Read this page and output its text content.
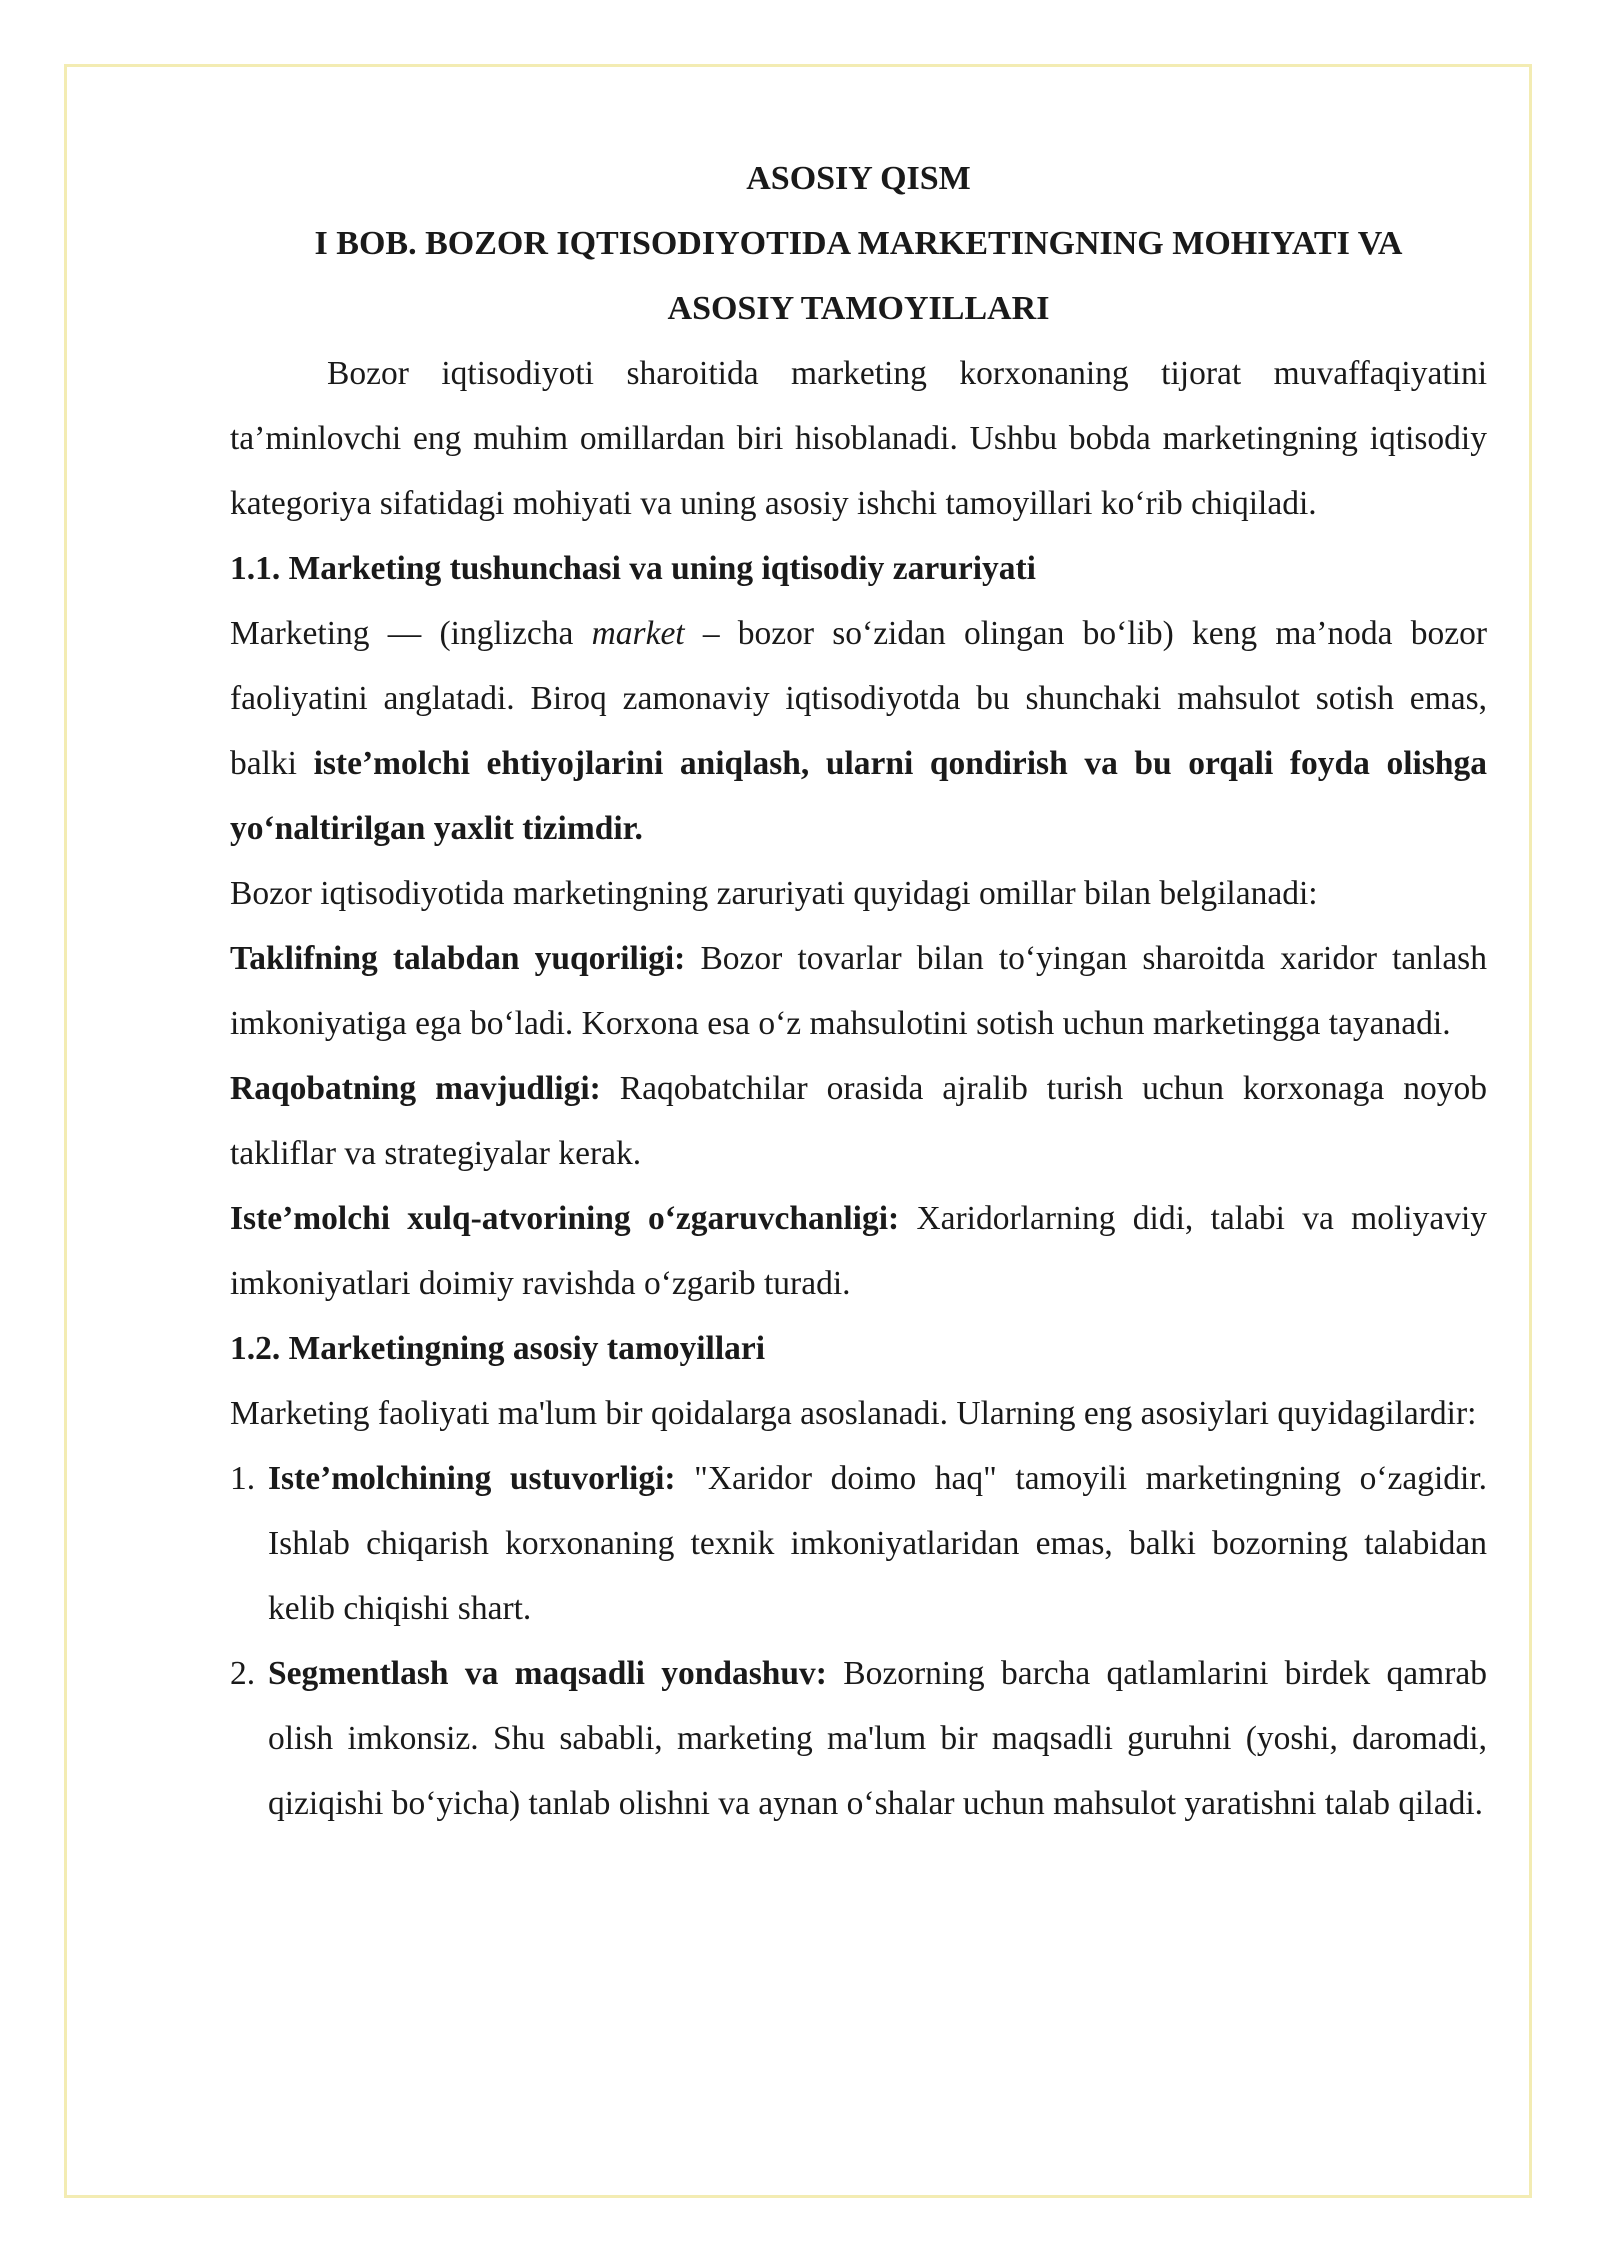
ASOSIY QISM

I BOB. BOZOR IQTISODIYOTIDA MARKETINGNING MOHIYATI VA

ASOSIY TAMOYILLARI

Bozor iqtisodiyoti sharoitida marketing korxonaning tijorat muvaffaqiyatini ta’minlovchi eng muhim omillardan biri hisoblanadi. Ushbu bobda marketingning iqtisodiy kategoriya sifatidagi mohiyati va uning asosiy ishchi tamoyillari ko‘rib chiqiladi.

1.1. Marketing tushunchasi va uning iqtisodiy zaruriyati

Marketing — (inglizcha market – bozor so‘zidan olingan bo‘lib) keng ma’noda bozor faoliyatini anglatadi. Biroq zamonaviy iqtisodiyotda bu shunchaki mahsulot sotish emas, balki iste’molchi ehtiyojlarini aniqlash, ularni qondirish va bu orqali foyda olishga yo‘naltirilgan yaxlit tizimdir.

Bozor iqtisodiyotida marketingning zaruriyati quyidagi omillar bilan belgilanadi:

Taklifning talabdan yuqoriligi: Bozor tovarlar bilan to‘yingan sharoitda xaridor tanlash imkoniyatiga ega bo‘ladi. Korxona esa o‘z mahsulotini sotish uchun marketingga tayanadi.

Raqobatning mavjudligi: Raqobatchilar orasida ajralib turish uchun korxonaga noyob takliflar va strategiyalar kerak.

Iste’molchi xulq-atvorining o‘zgaruvchanligi: Xaridorlarning didi, talabi va moliyaviy imkoniyatlari doimiy ravishda o‘zgarib turadi.

1.2. Marketingning asosiy tamoyillari

Marketing faoliyati ma'lum bir qoidalarga asoslanadi. Ularning eng asosiylari quyidagilardir:

1. Iste’molchining ustuvorligi: "Xaridor doimo haq" tamoyili marketingning o‘zagidir. Ishlab chiqarish korxonaning texnik imkoniyatlaridan emas, balki bozorning talabidan kelib chiqishi shart.
2. Segmentlash va maqsadli yondashuv: Bozorning barcha qatlamlarini birdek qamrab olish imkonsiz. Shu sababli, marketing ma'lum bir maqsadli guruhni (yoshi, daromadi, qiziqishi bo‘yicha) tanlab olishni va aynan o‘shalar uchun mahsulot yaratishni talab qiladi.
